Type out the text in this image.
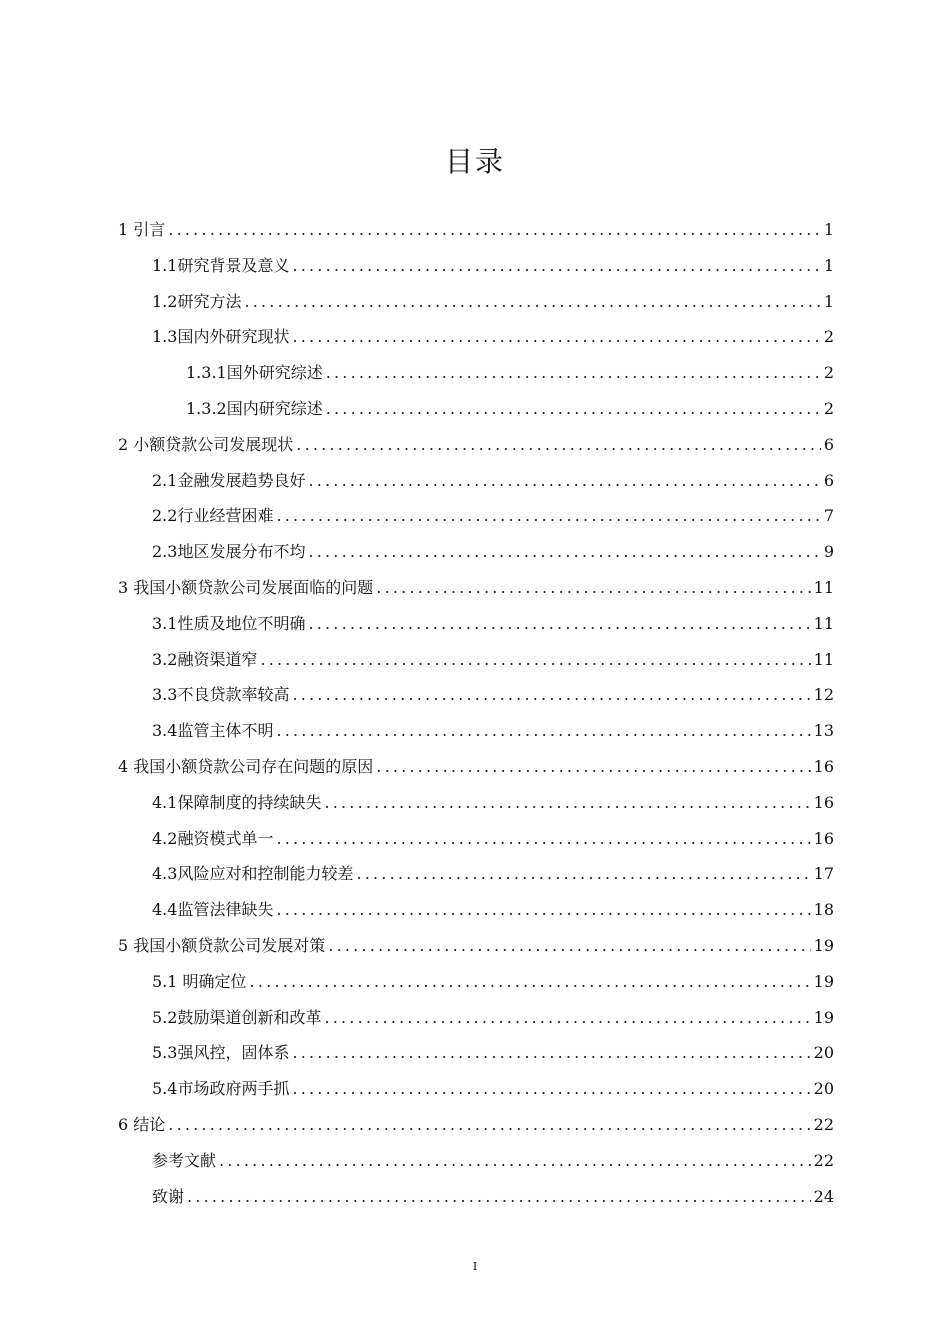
目录
1 引言 .....	1
1.1研究背景及意义 .....	1
1.2研究方法 .....	1
1.3国内外研究现状 .....	2
1.3.1国外研究综述 .....	2
1.3.2国内研究综述 .....	2
2 小额贷款公司发展现状 .....	6
2.1金融发展趋势良好 .....	6
2.2行业经营困难 .....	7
2.3地区发展分布不均 .....	9
3 我国小额贷款公司发展面临的问题 .....	11
3.1性质及地位不明确 .....	11
3.2融资渠道窄 .....	11
3.3不良贷款率较高 .....	12
3.4监管主体不明 .....	13
4 我国小额贷款公司存在问题的原因 .....	16
4.1保障制度的持续缺失 .....	16
4.2融资模式单一 .....	16
4.3风险应对和控制能力较差 .....	17
4.4监管法律缺失 .....	18
5 我国小额贷款公司发展对策 .....	19
5.1 明确定位 .....	19
5.2鼓励渠道创新和改革 .....	19
5.3强风控，固体系 .....	20
5.4市场政府两手抓 .....	20
6 结论 .....	22
参考文献 .....	22
致谢 .....	24
I
